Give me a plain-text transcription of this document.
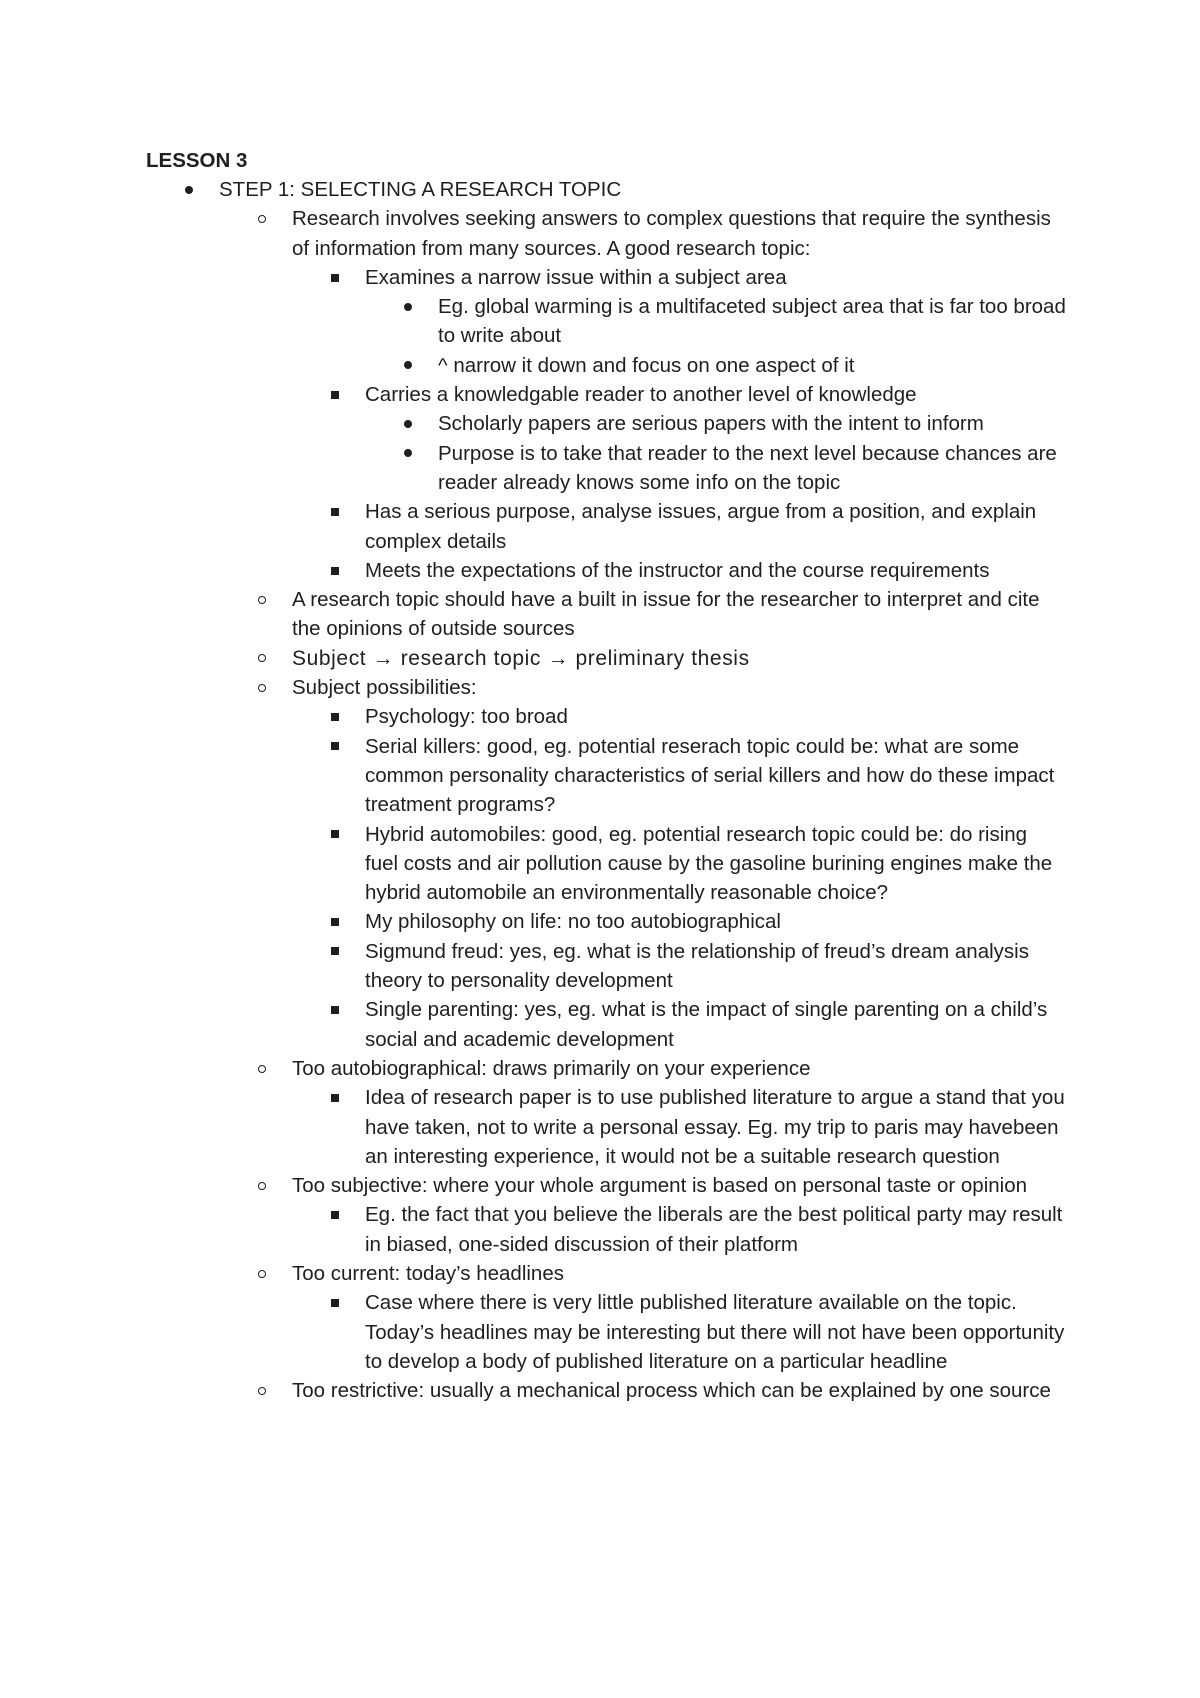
LESSON 3
STEP 1: SELECTING A RESEARCH TOPIC
Research involves seeking answers to complex questions that require the synthesis of information from many sources. A good research topic:
Examines a narrow issue within a subject area
Eg. global warming is a multifaceted subject area that is far too broad to write about
^ narrow it down and focus on one aspect of it
Carries a knowledgable reader to another level of knowledge
Scholarly papers are serious papers with the intent to inform
Purpose is to take that reader to the next level because chances are reader already knows some info on the topic
Has a serious purpose, analyse issues, argue from a position, and explain complex details
Meets the expectations of the instructor and the course requirements
A research topic should have a built in issue for the researcher to interpret and cite the opinions of outside sources
Subject → research topic → preliminary thesis
Subject possibilities:
Psychology: too broad
Serial killers: good, eg. potential reserach topic could be: what are some common personality characteristics of serial killers and how do these impact treatment programs?
Hybrid automobiles: good, eg. potential research topic could be: do rising fuel costs and air pollution cause by the gasoline burining engines make the hybrid automobile an environmentally reasonable choice?
My philosophy on life: no too autobiographical
Sigmund freud: yes, eg. what is the relationship of freud’s dream analysis theory to personality development
Single parenting: yes, eg. what is the impact of single parenting on a child’s social and academic development
Too autobiographical: draws primarily on your experience
Idea of research paper is to use published literature to argue a stand that you have taken, not to write a personal essay. Eg. my trip to paris may havebeen an interesting experience, it would not be a suitable research question
Too subjective: where your whole argument is based on personal taste or opinion
Eg. the fact that you believe the liberals are the best political party may result in biased, one-sided discussion of their platform
Too current: today’s headlines
Case where there is very little published literature available on the topic. Today’s headlines may be interesting but there will not have been opportunity to develop a body of published literature on a particular headline
Too restrictive: usually a mechanical process which can be explained by one source
